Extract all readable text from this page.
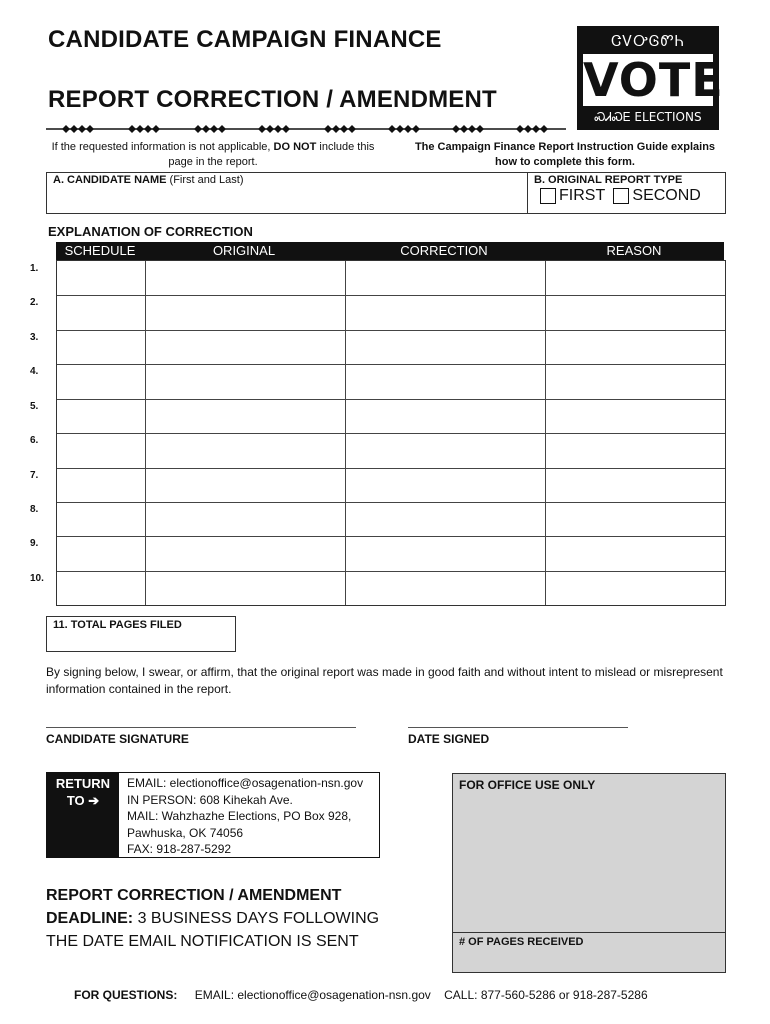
CANDIDATE CAMPAIGN FINANCE
REPORT CORRECTION / AMENDMENT
ᏣᏙᎤᎶᏛᏂ
VOTE
ᏍᏗᏍᎬ ELECTIONS
If the requested information is not applicable, DO NOT include this page in the report.
The Campaign Finance Report Instruction Guide explains how to complete this form.
A. CANDIDATE NAME (First and Last)	B. ORIGINAL REPORT TYPE
FIRST SECOND
EXPLANATION OF CORRECTION
SCHEDULE	ORIGINAL	CORRECTION	REASON
1.
2.
3.
4.
5.
6.
7.
8.
9.
10.
11. TOTAL PAGES FILED
By signing below, I swear, or affirm, that the original report was made in good faith and without intent to mislead or misrepresent information contained in the report.
CANDIDATE SIGNATURE	DATE SIGNED
RETURN
TO ➔
EMAIL: electionoffice@osagenation-nsn.gov
IN PERSON: 608 Kihekah Ave.
MAIL: Wahzhazhe Elections, PO Box 928,
Pawhuska, OK 74056
FAX: 918-287-5292
FOR OFFICE USE ONLY
# OF PAGES RECEIVED
REPORT CORRECTION / AMENDMENT
DEADLINE: 3 BUSINESS DAYS FOLLOWING
THE DATE EMAIL NOTIFICATION IS SENT
FOR QUESTIONS: EMAIL: electionoffice@osagenation-nsn.gov CALL: 877-560-5286 or 918-287-5286
